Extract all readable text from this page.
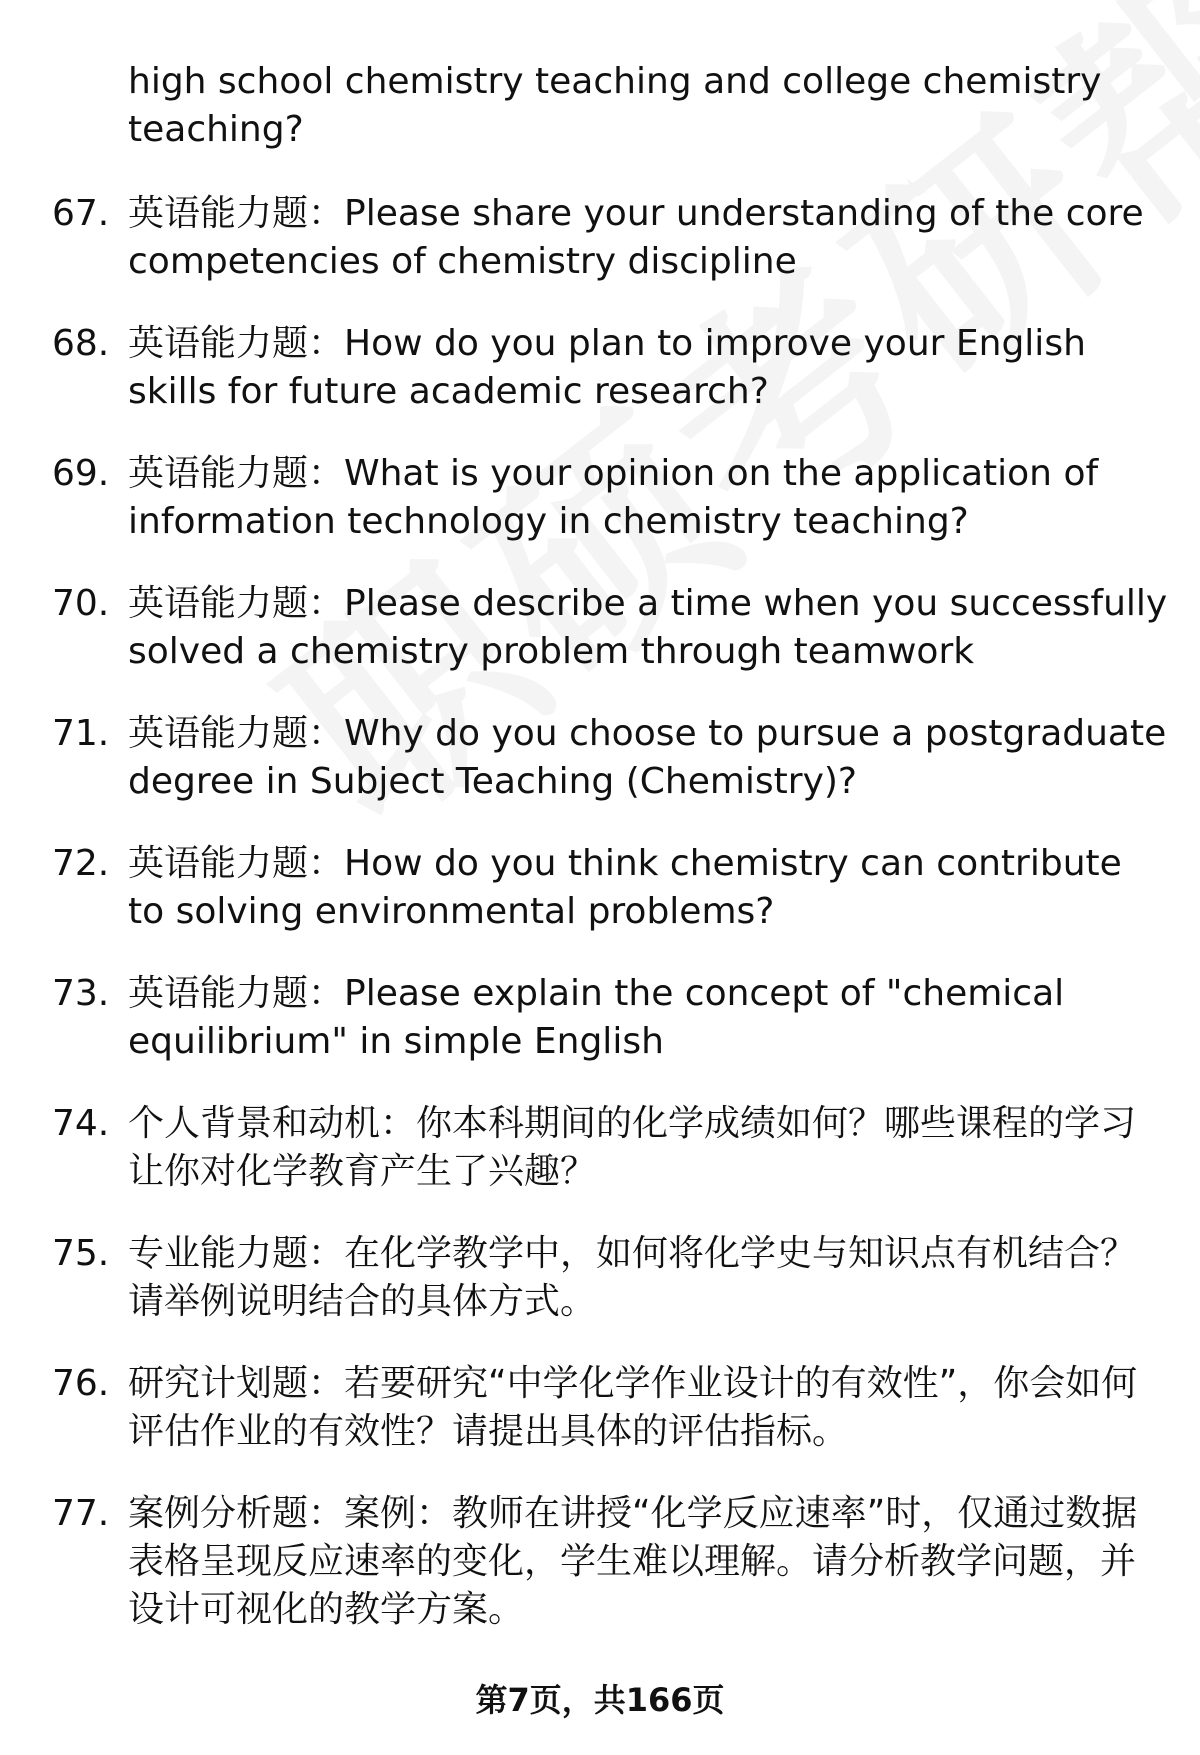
high school chemistry teaching and college chemistry teaching?
67. 英语能力题：Please share your understanding of the core competencies of chemistry discipline
68. 英语能力题：How do you plan to improve your English skills for future academic research?
69. 英语能力题：What is your opinion on the application of information technology in chemistry teaching?
70. 英语能力题：Please describe a time when you successfully solved a chemistry problem through teamwork
71. 英语能力题：Why do you choose to pursue a postgraduate degree in Subject Teaching (Chemistry)?
72. 英语能力题：How do you think chemistry can contribute to solving environmental problems?
73. 英语能力题：Please explain the concept of "chemical equilibrium" in simple English
74. 个人背景和动机：你本科期间的化学成绩如何？哪些课程的学习让你对化学教育产生了兴趣？
75. 专业能力题：在化学教学中，如何将化学史与知识点有机结合？请举例说明结合的具体方式。
76. 研究计划题：若要研究“中学化学作业设计的有效性”，你会如何评估作业的有效性？请提出具体的评估指标。
77. 案例分析题：案例：教师在讲授“化学反应速率”时，仅通过数据表格呈现反应速率的变化，学生难以理解。请分析教学问题，并设计可视化的教学方案。
第7页，共166页
